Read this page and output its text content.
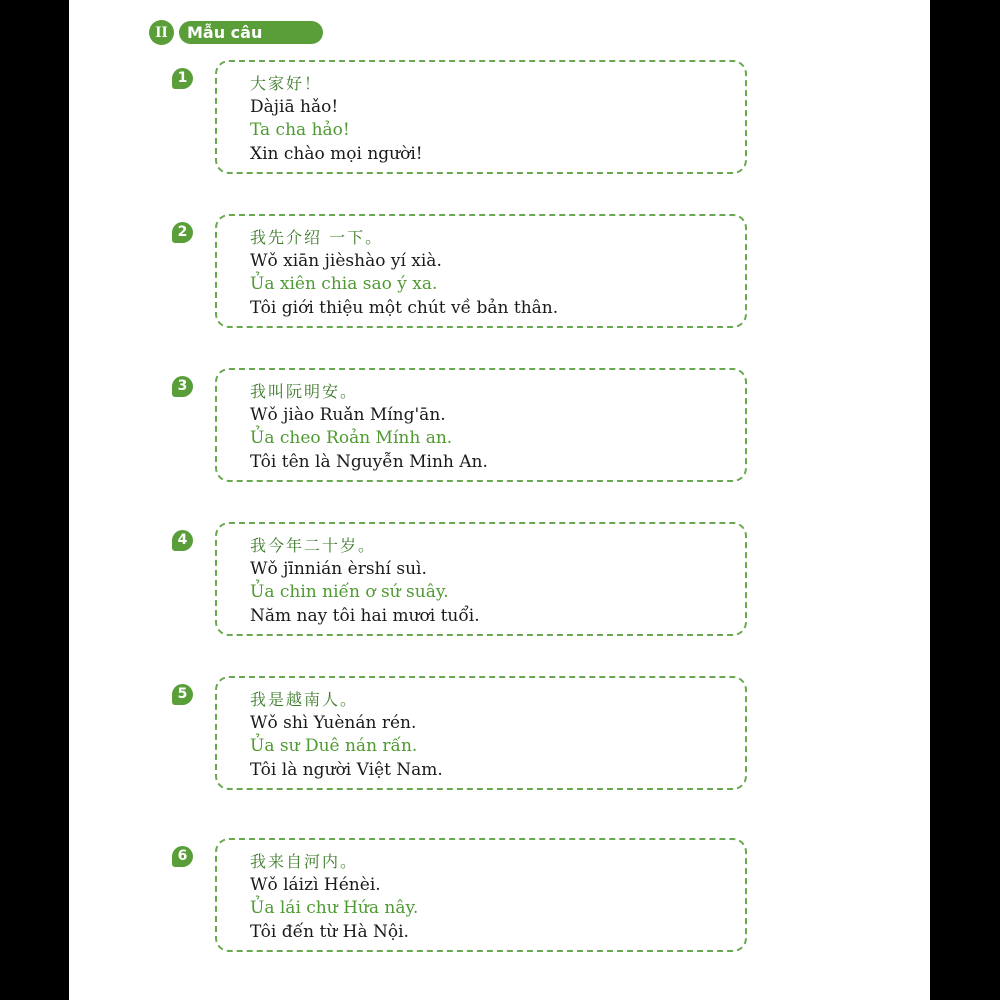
II	Mẫu câu
1	大家好！
Dàjiā hǎo!
Ta cha hảo!
Xin chào mọi người!
2	我先介绍 一下。
Wǒ xiān jièshào yí xià.
Ủa xiên chia sao ý xa.
Tôi giới thiệu một chút về bản thân.
3	我叫阮明安。
Wǒ jiào Ruǎn Míng'ān.
Ủa cheo Roản Mính an.
Tôi tên là Nguyễn Minh An.
4	我今年二十岁。
Wǒ jīnnián èrshí suì.
Ủa chin niến ơ sứ suây.
Năm nay tôi hai mươi tuổi.
5	我是越南人。
Wǒ shì Yuènán rén.
Ủa sư Duê nán rấn.
Tôi là người Việt Nam.
6	我来自河内。
Wǒ láizì Hénèi.
Ủa lái chư Hứa nây.
Tôi đến từ Hà Nội.
